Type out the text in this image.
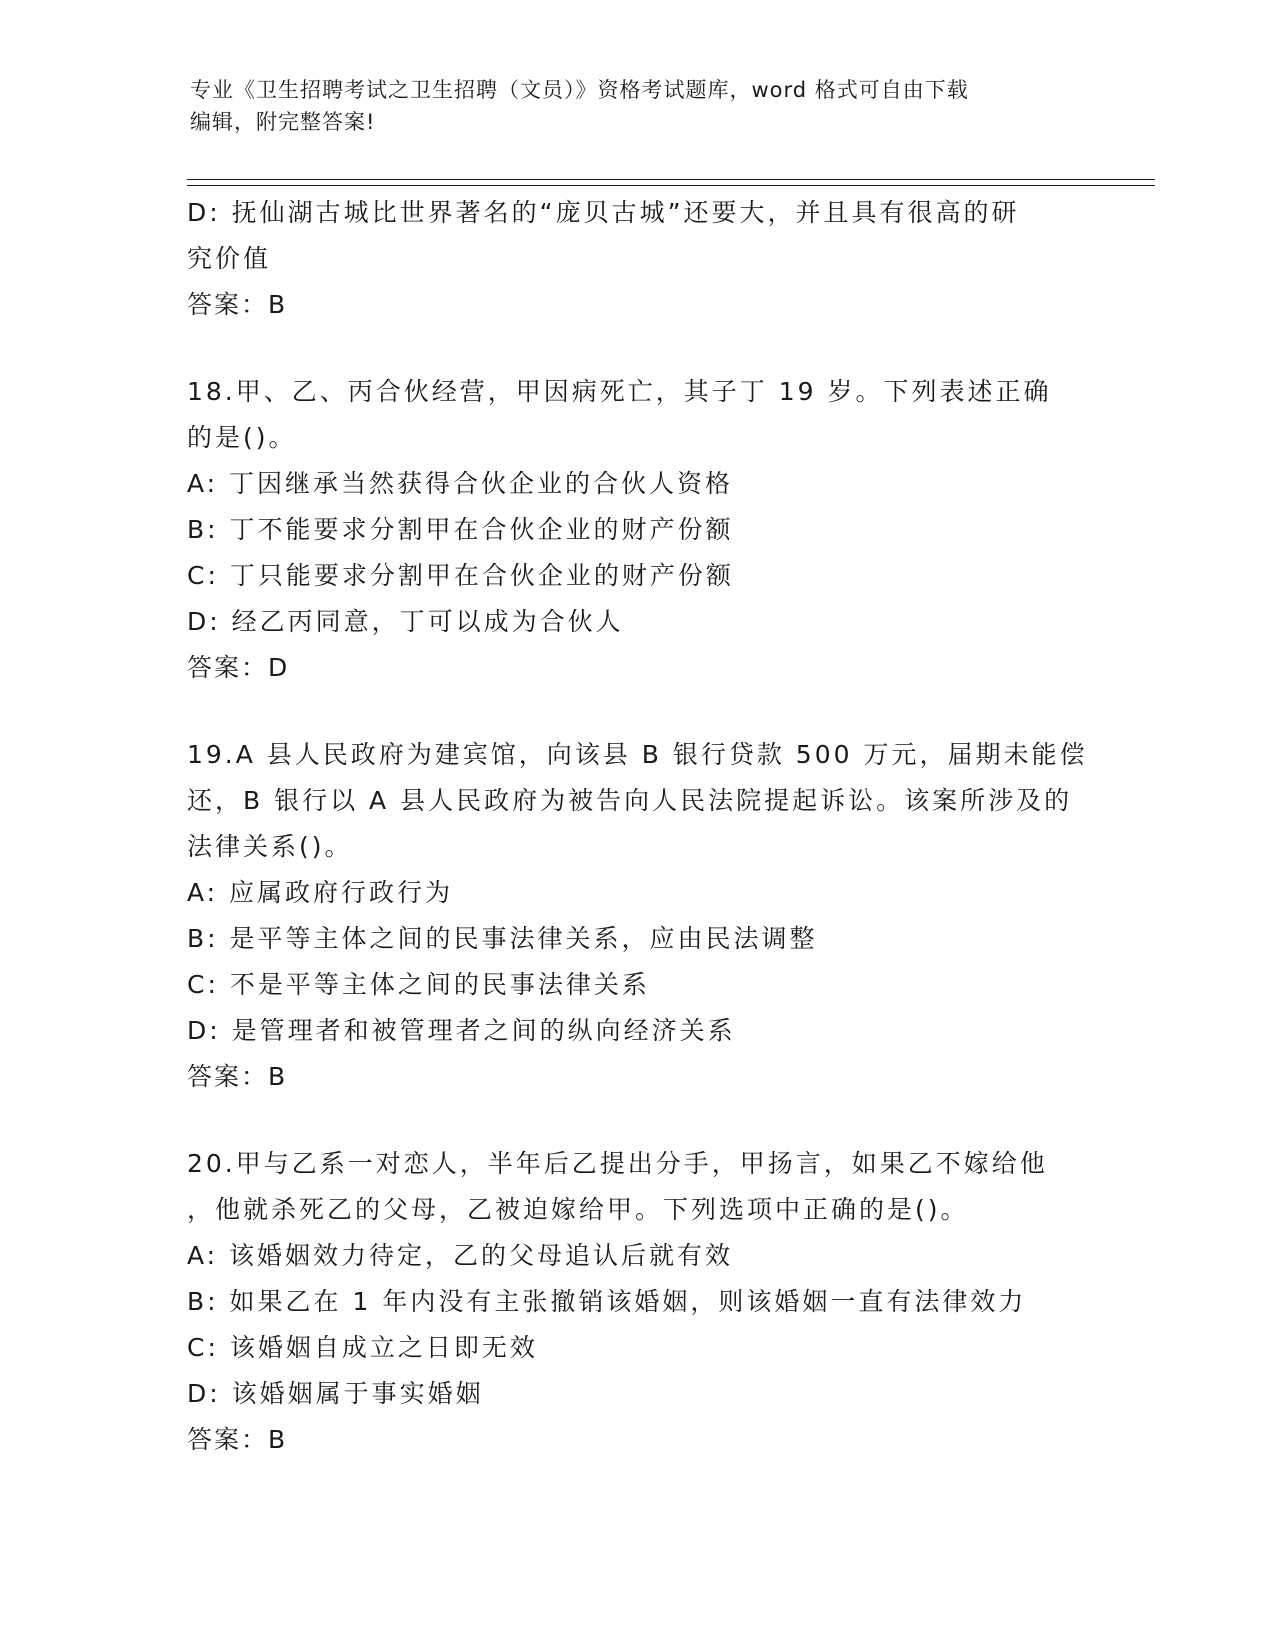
专业《卫生招聘考试之卫生招聘（文员）》资格考试题库，word 格式可自由下载
编辑，附完整答案!
D: 抚仙湖古城比世界著名的“庞贝古城”还要大，并且具有很高的研
究价值
答案：B
18.甲、乙、丙合伙经营，甲因病死亡，其子丁 19 岁。下列表述正确
的是()。
A: 丁因继承当然获得合伙企业的合伙人资格
B: 丁不能要求分割甲在合伙企业的财产份额
C: 丁只能要求分割甲在合伙企业的财产份额
D: 经乙丙同意，丁可以成为合伙人
答案：D
19.A 县人民政府为建宾馆，向该县 B 银行贷款 500 万元，届期未能偿
还，B 银行以 A 县人民政府为被告向人民法院提起诉讼。该案所涉及的
法律关系()。
A: 应属政府行政行为
B: 是平等主体之间的民事法律关系，应由民法调整
C: 不是平等主体之间的民事法律关系
D: 是管理者和被管理者之间的纵向经济关系
答案：B
20.甲与乙系一对恋人，半年后乙提出分手，甲扬言，如果乙不嫁给他
，他就杀死乙的父母，乙被迫嫁给甲。下列选项中正确的是()。
A: 该婚姻效力待定，乙的父母追认后就有效
B: 如果乙在 1 年内没有主张撤销该婚姻，则该婚姻一直有法律效力
C: 该婚姻自成立之日即无效
D: 该婚姻属于事实婚姻
答案：B
